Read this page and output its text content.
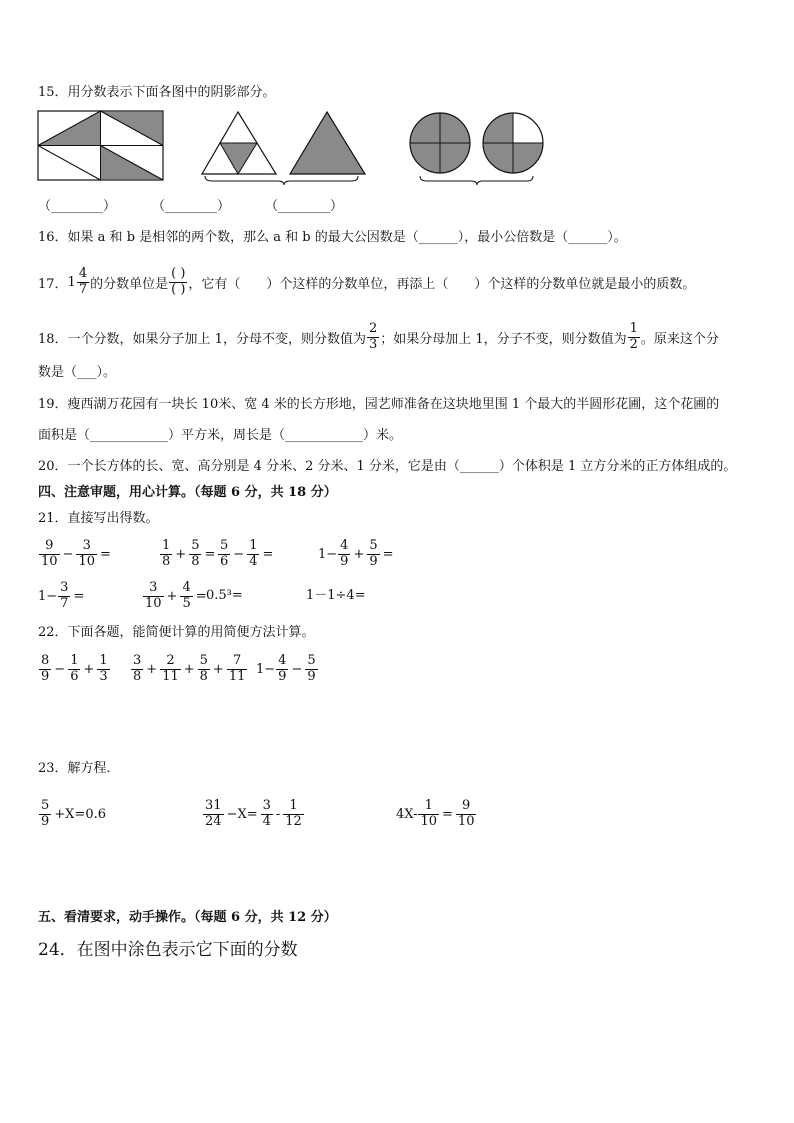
15．用分数表示下面各图中的阴影部分。
（________）	（________）	（________）
16．如果 a 和 b 是相邻的两个数，那么 a 和 b 的最大公因数是（______），最小公倍数是（______）。
17． $1 \frac{4}{7}$ 的分数单位是 $\frac{( )}{( )}$ ，它有（　　）个这样的分数单位，再添上（　　）个这样的分数单位就是最小的质数。
18．一个分数，如果分子加上 1，分母不变，则分数值为 $\frac{2}{3}$ ；如果分母加上 1，分子不变，则分数值为 $\frac{1}{2}$ 。原来这个分
数是（___）。
19．瘦西湖万花园有一块长 10米、宽 4 米的长方形地，园艺师准备在这块地里围 1 个最大的半圆形花圃，这个花圃的
面积是（____________）平方米，周长是（____________）米。
20．一个长方体的长、宽、高分别是 4 分米、2 分米、1 分米，它是由（______）个体积是 1 立方分米的正方体组成的。
四、注意审题，用心计算。（每题 6 分，共 18 分）
21．直接写出得数。
$\frac{9}{10} - \frac{3}{10}$ =	$\frac{1}{8} + \frac{5}{8} = \frac{5}{6} - \frac{1}{4}$ =	$1- \frac{4}{9} + \frac{5}{9}$ =
$1- \frac{3}{7}$ =	$\frac{3}{10} + \frac{4}{5} = 0.5^3=$	1－1÷4=
22．下面各题，能简便计算的用简便方法计算。
$\frac{8}{9} - \frac{1}{6} + \frac{1}{3} \frac{3}{8} + \frac{2}{11} + \frac{5}{8} + \frac{7}{11} 1- \frac{4}{9} - \frac{5}{9}$
23．解方程．
$\frac{5}{9} +X=0.6$	$\frac{31}{24} -X= \frac{3}{4} - \frac{1}{12}$	$4X- \frac{1}{10} = \frac{9}{10}$
五、看清要求，动手操作。（每题 6 分，共 12 分）
24．在图中涂色表示它下面的分数
